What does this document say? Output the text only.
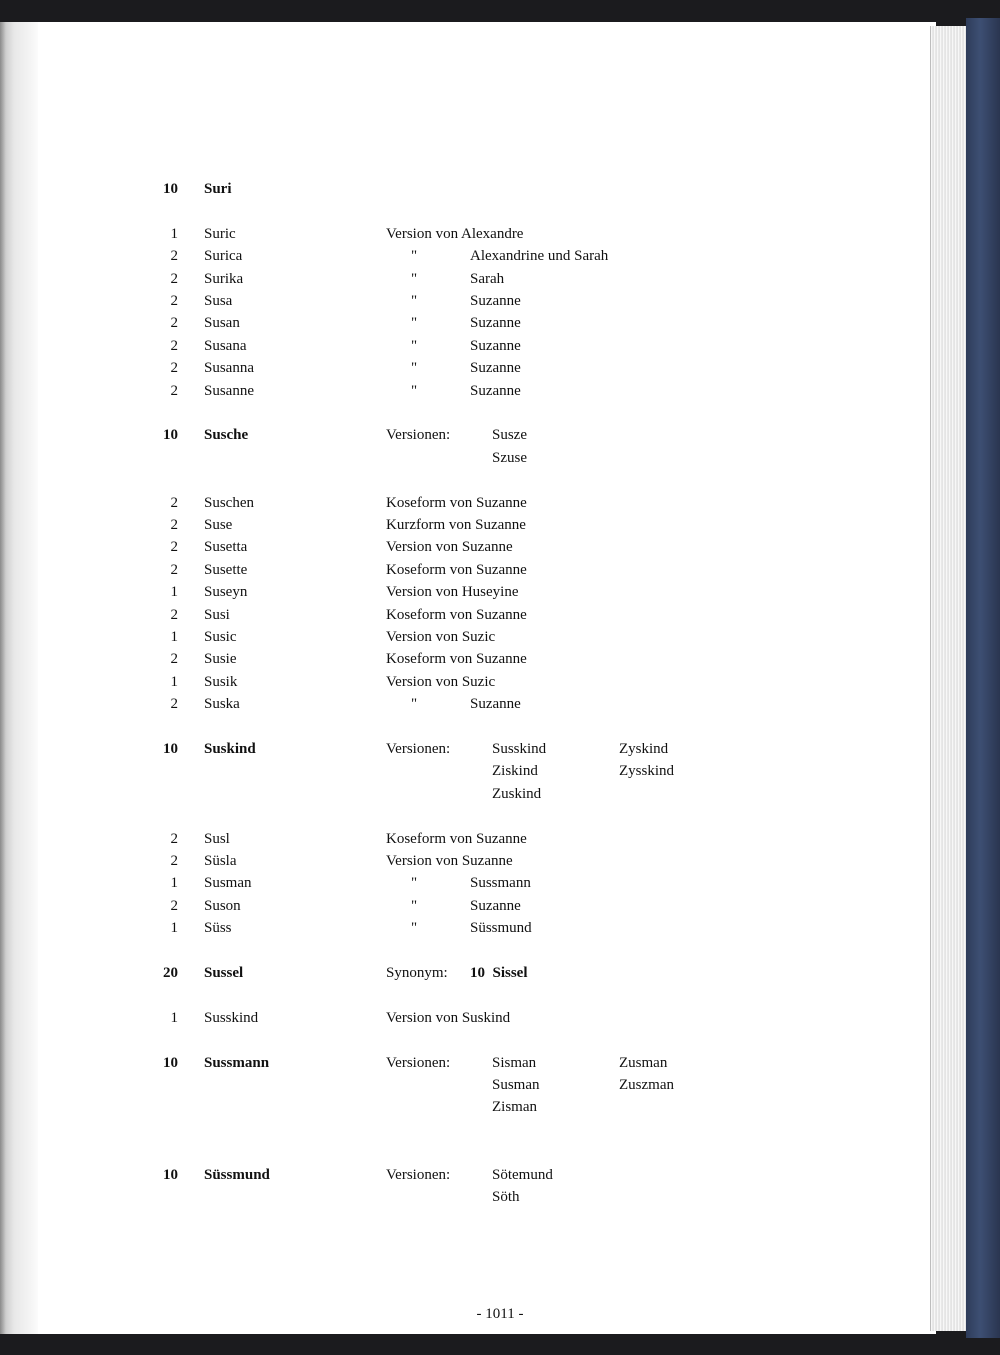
10 Suri
1 Suric	Version von Alexandre
2 Surica	"	Alexandrine und Sarah
2 Surika	"	Sarah
2 Susa	"	Suzanne
2 Susan	"	Suzanne
2 Susana	"	Suzanne
2 Susanna	"	Suzanne
2 Susanne	"	Suzanne
10 Susche	Versionen:	Susze
Szuse
2 Suschen	Koseform von Suzanne
2 Suse	Kurzform von Suzanne
2 Susetta	Version von Suzanne
2 Susette	Koseform von Suzanne
1 Suseyn	Version von Huseyine
2 Susi	Koseform von Suzanne
1 Susic	Version von Suzic
2 Susie	Koseform von Suzanne
1 Susik	Version von Suzic
2 Suska	"	Suzanne
10 Suskind	Versionen:	Susskind	Zyskind
Ziskind	Zysskind
Zuskind
2 Susl	Koseform von Suzanne
2 Süsla	Version von Suzanne
1 Susman	"	Sussmann
2 Suson	"	Suzanne
1 Süss	"	Süssmund
20 Sussel	Synonym: 10  Sissel
1 Susskind	Version von Suskind
10 Sussmann	Versionen:	Sisman	Zusman
Susman	Zuszman
Zisman
10 Süssmund	Versionen:	Sötemund
Söth
- 1011 -
